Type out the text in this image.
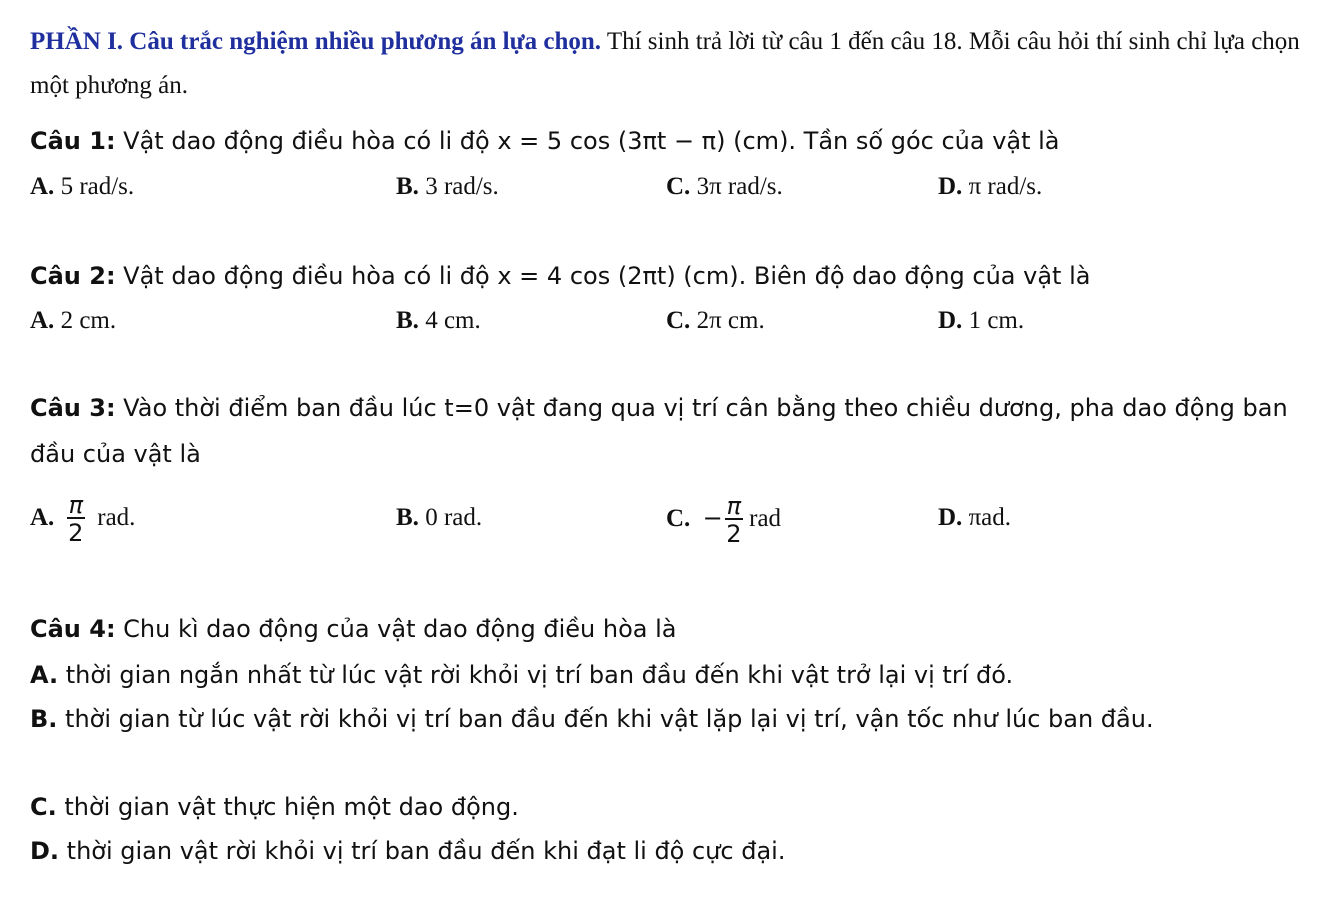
PHẦN I. Câu trắc nghiệm nhiều phương án lựa chọn. Thí sinh trả lời từ câu 1 đến câu 18. Mỗi câu hỏi thí sinh chỉ lựa chọn một phương án.
Câu 1: Vật dao động điều hòa có li độ x = 5 cos (3πt − π) (cm). Tần số góc của vật là
A. 5 rad/s.	B. 3 rad/s.	C. 3π rad/s.	D. π rad/s.
Câu 2: Vật dao động điều hòa có li độ x = 4 cos (2πt) (cm). Biên độ dao động của vật là
A. 2 cm.	B. 4 cm.	C. 2π cm.	D. 1 cm.
Câu 3: Vào thời điểm ban đầu lúc t=0 vật đang qua vị trí cân bằng theo chiều dương, pha dao động ban đầu của vật là
A. $\frac{\pi}{2}$ rad.	B. 0 rad.	C. − $\frac{\pi}{2}$ rad	D. πad.
Câu 4: Chu kì dao động của vật dao động điều hòa là
A. thời gian ngắn nhất từ lúc vật rời khỏi vị trí ban đầu đến khi vật trở lại vị trí đó.
B. thời gian từ lúc vật rời khỏi vị trí ban đầu đến khi vật lặp lại vị trí, vận tốc như lúc ban đầu.
C. thời gian vật thực hiện một dao động.
D. thời gian vật rời khỏi vị trí ban đầu đến khi đạt li độ cực đại.
